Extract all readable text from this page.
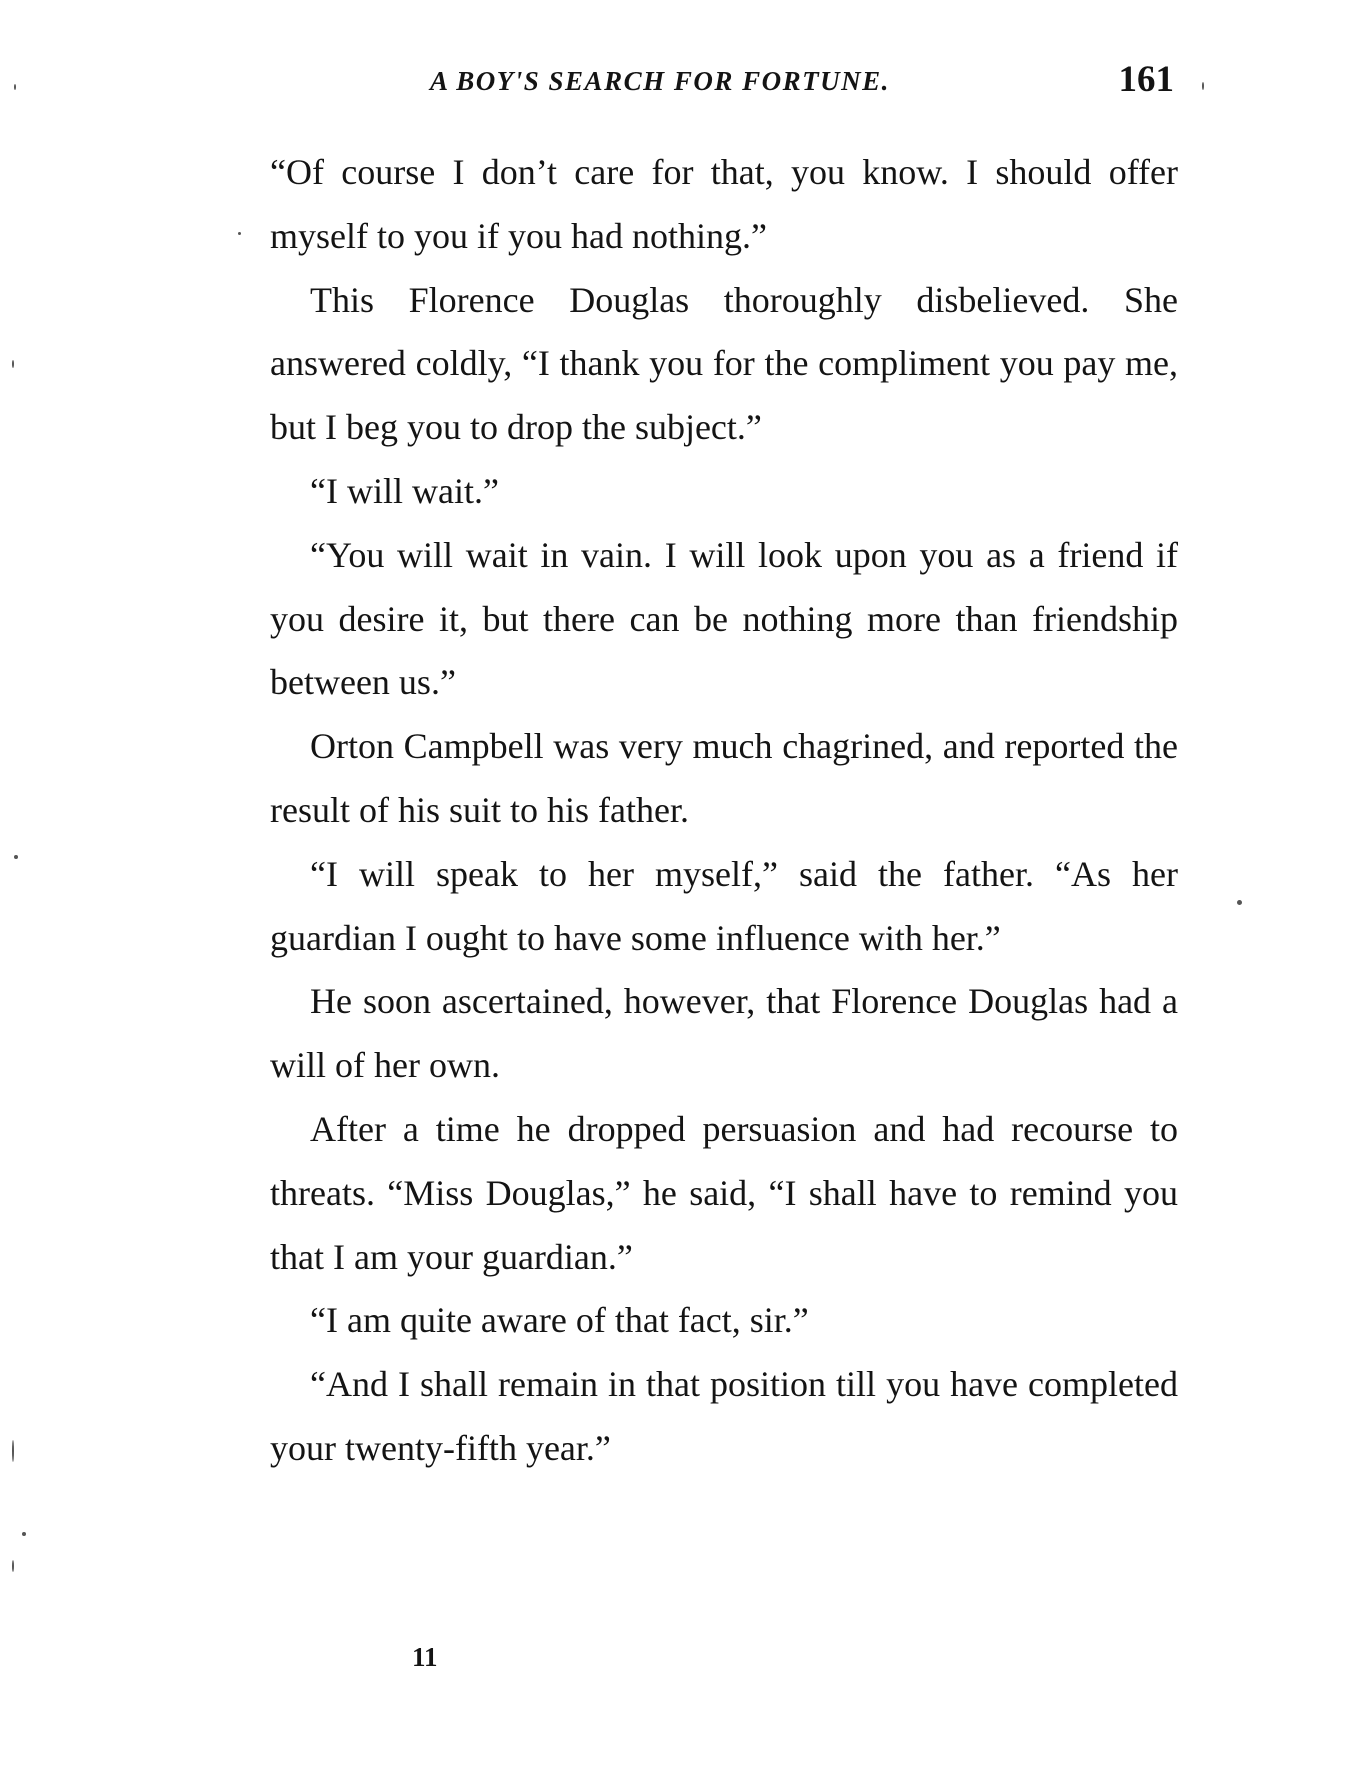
A BOY'S SEARCH FOR FORTUNE.	161

“Of course I don’t care for that, you know. I should offer myself to you if you had nothing.”

This Florence Douglas thoroughly disbelieved. She answered coldly, “I thank you for the compliment you pay me, but I beg you to drop the subject.”

“I will wait.”

“You will wait in vain. I will look upon you as a friend if you desire it, but there can be nothing more than friendship between us.”

Orton Campbell was very much chagrined, and reported the result of his suit to his father.

“I will speak to her myself,” said the father. “As her guardian I ought to have some influence with her.”

He soon ascertained, however, that Florence Douglas had a will of her own.

After a time he dropped persuasion and had recourse to threats. “Miss Douglas,” he said, “I shall have to remind you that I am your guardian.”

“I am quite aware of that fact, sir.”

“And I shall remain in that position till you have completed your twenty-fifth year.”

11
